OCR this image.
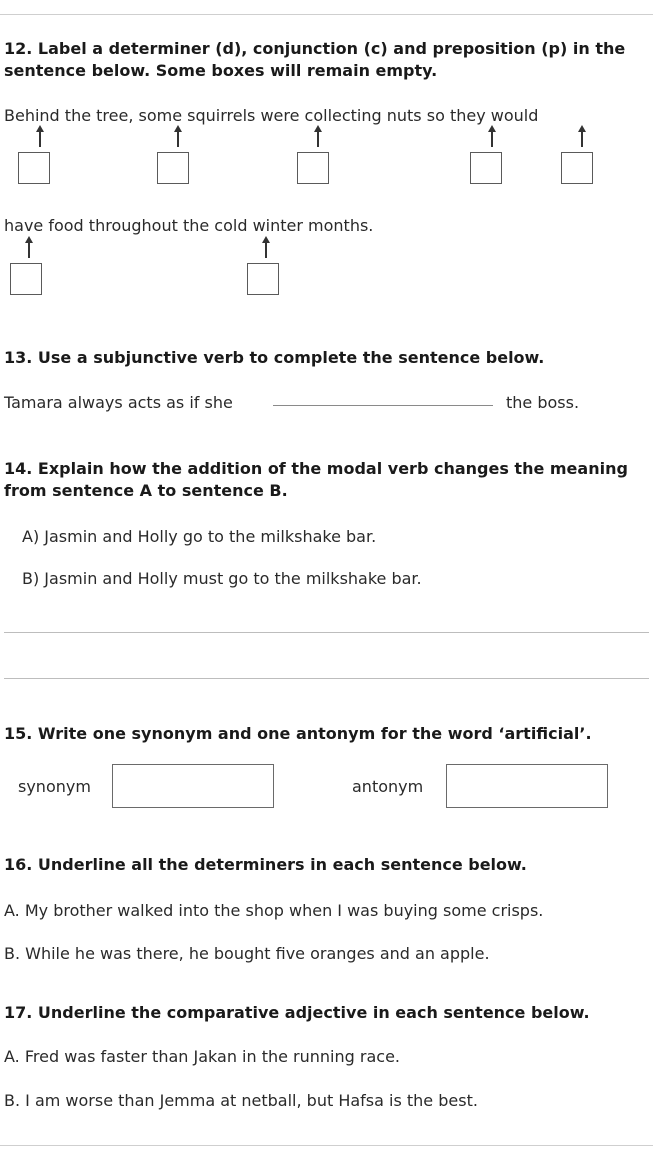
12. Label a determiner (d), conjunction (c) and preposition (p) in the sentence below. Some boxes will remain empty.
Behind the tree, some squirrels were collecting nuts so they would
have food throughout the cold winter months.
13. Use a subjunctive verb to complete the sentence below.
Tamara always acts as if she	the boss.
14. Explain how the addition of the modal verb changes the meaning from sentence A to sentence B.
A) Jasmin and Holly go to the milkshake bar.
B) Jasmin and Holly must go to the milkshake bar.
15. Write one synonym and one antonym for the word ‘artificial’.
synonym	antonym
16. Underline all the determiners in each sentence below.
A. My brother walked into the shop when I was buying some crisps.
B. While he was there, he bought five oranges and an apple.
17. Underline the comparative adjective in each sentence below.
A. Fred was faster than Jakan in the running race.
B. I am worse than Jemma at netball, but Hafsa is the best.
